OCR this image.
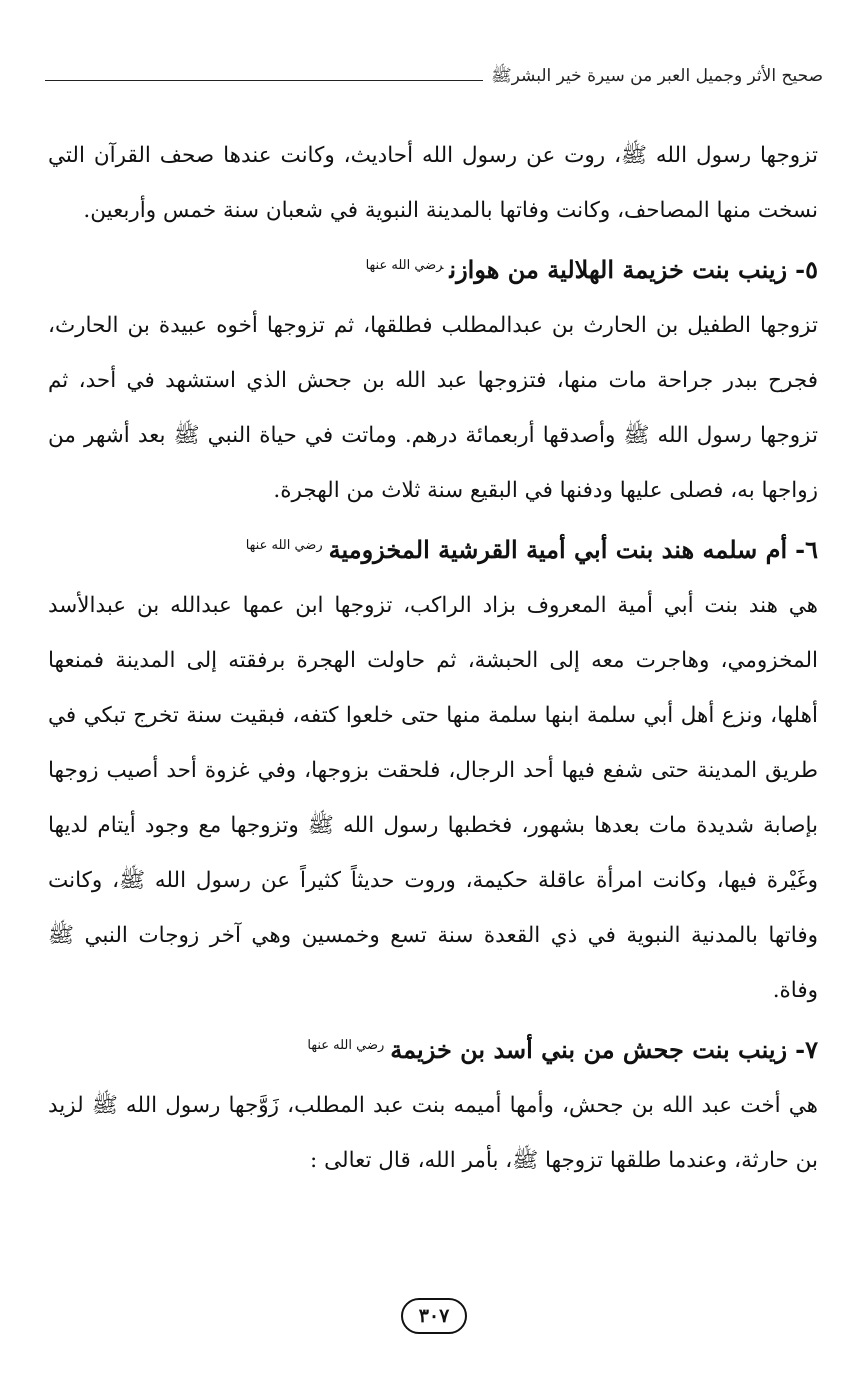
صحيح الأثر وجميل العبر من سيرة خير البشرﷺ

تزوجها رسول الله ﷺ، روت عن رسول الله أحاديث، وكانت عندها صحف القرآن التي نسخت منها المصاحف، وكانت وفاتها بالمدينة النبوية في شعبان سنة خمس وأربعين.

٥-زينب بنت خزيمة الهلالية من هوازن$^{رضي الله عنها}$

تزوجها الطفيل بن الحارث بن عبدالمطلب فطلقها، ثم تزوجها أخوه عبيدة بن الحارث، فجرح ببدر جراحة مات منها، فتزوجها عبد الله بن جحش الذي استشهد في أحد، ثم تزوجها رسول الله ﷺ وأصدقها أربعمائة درهم. وماتت في حياة النبي ﷺ بعد أشهر من زواجها به، فصلى عليها ودفنها في البقيع سنة ثلاث من الهجرة.

٦-أم سلمه هند بنت أبي أمية القرشية المخزومية$^{رضي الله عنها}$

هي هند بنت أبي أمية المعروف بزاد الراكب، تزوجها ابن عمها عبدالله بن عبدالأسد المخزومي، وهاجرت معه إلى الحبشة، ثم حاولت الهجرة برفقته إلى المدينة فمنعها أهلها، ونزع أهل أبي سلمة ابنها سلمة منها حتى خلعوا كتفه، فبقيت سنة تخرج تبكي في طريق المدينة حتى شفع فيها أحد الرجال، فلحقت بزوجها، وفي غزوة أحد أصيب زوجها بإصابة شديدة مات بعدها بشهور، فخطبها رسول الله ﷺ وتزوجها مع وجود أيتام لديها وغَيْرة فيها، وكانت امرأة عاقلة حكيمة، وروت حديثاً كثيراً عن رسول الله ﷺ، وكانت وفاتها بالمدنية النبوية في ذي القعدة سنة تسع وخمسين وهي آخر زوجات النبي ﷺ وفاة.

٧-زينب بنت جحش من بني أسد بن خزيمة$^{رضي الله عنها}$

هي أخت عبد الله بن جحش، وأمها أميمه بنت عبد المطلب، زَوَّجها رسول الله ﷺ لزيد بن حارثة، وعندما طلقها تزوجها ﷺ، بأمر الله، قال تعالى :

٣٠٧
